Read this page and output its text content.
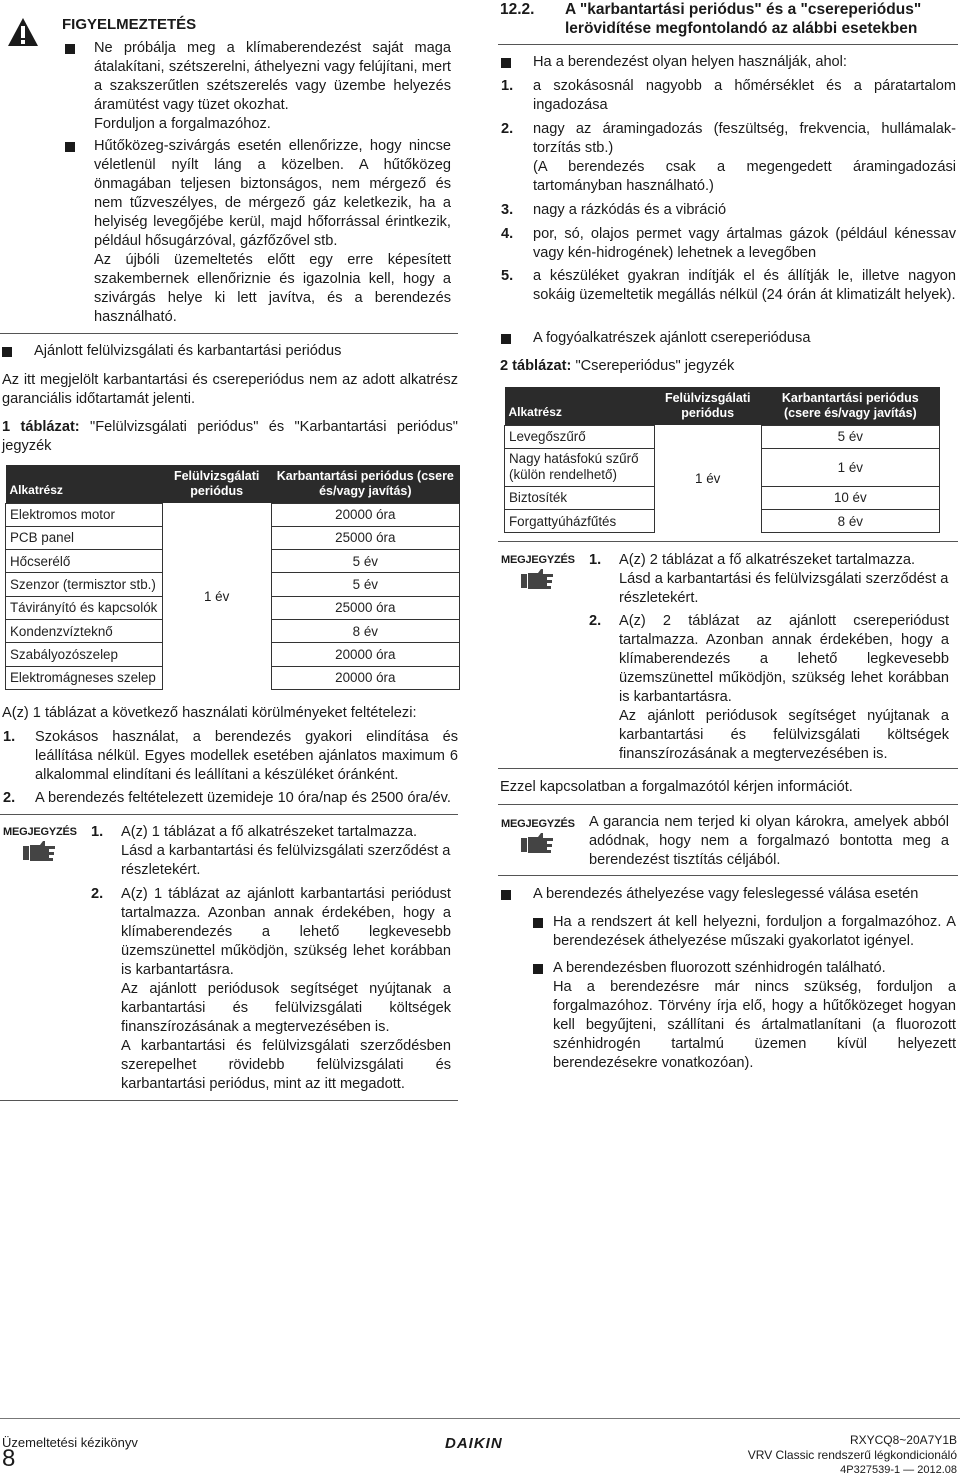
FIGYELMEZTETÉS
Ne próbálja meg a klímaberendezést saját maga átalakítani, szétszerelni, áthelyezni vagy felújítani, mert a szakszerűtlen szétszerelés vagy üzembe helyezés áramütést vagy tüzet okozhat.
Forduljon a forgalmazóhoz.
Hűtőközeg-szivárgás esetén ellenőrizze, hogy nincse véletlenül nyílt láng a közelben. A hűtőközeg önmagában teljesen biztonságos, nem mérgező és nem tűzveszélyes, de mérgező gáz keletkezik, ha a helyiség levegőjébe kerül, majd hőforrással érintkezik, például hősugárzóval, gázfőzővel stb.
Az újbóli üzemeltetés előtt egy erre képesített szakembernek ellenőriznie és igazolnia kell, hogy a szivárgás helye ki lett javítva, és a berendezés használható.
Ajánlott felülvizsgálati és karbantartási periódus
Az itt megjelölt karbantartási és csereperiódus nem az adott alkatrész garanciális időtartamát jelenti.
1 táblázat: "Felülvizsgálati periódus" és "Karbantartási periódus" jegyzék
Alkatrész	Felülvizsgálati periódus	Karbantartási periódus (csere és/vagy javítás)
Elektromos motor	1 év	20000 óra
PCB panel		25000 óra
Hőcserélő		5 év
Szenzor (termisztor stb.)		5 év
Távirányító és kapcsolók		25000 óra
Kondenzvízteknő		8 év
Szabályozószelep		20000 óra
Elektromágneses szelep		20000 óra
A(z) 1 táblázat a következő használati körülményeket feltételezi:
1. Szokásos használat, a berendezés gyakori elindítása és leállítása nélkül. Egyes modellek esetében ajánlatos maximum 6 alkalommal elindítani és leállítani a készüléket óránként.
2. A berendezés feltételezett üzemideje 10 óra/nap és 2500 óra/év.
MEGJEGYZÉS 1. A(z) 1 táblázat a fő alkatrészeket tartalmazza. Lásd a karbantartási és felülvizsgálati szerződést a részletekért.
2. A(z) 1 táblázat az ajánlott karbantartási periódust tartalmazza. Azonban annak érdekében, hogy a klímaberendezés a lehető legkevesebb üzemszünettel működjön, szükség lehet korábban is karbantartásra.
Az ajánlott periódusok segítséget nyújtanak a karbantartási és felülvizsgálati költségek finanszírozásának a megtervezésében is.
A karbantartási és felülvizsgálati szerződésben szerepelhet rövidebb felülvizsgálati és karbantartási periódus, mint az itt megadott.
12.2. A "karbantartási periódus" és a "csereperiódus" lerövidítése megfontolandó az alábbi esetekben
Ha a berendezést olyan helyen használják, ahol:
1. a szokásosnál nagyobb a hőmérséklet és a páratartalom ingadozása
2. nagy az áramingadozás (feszültség, frekvencia, hullámalaktorzítás stb.)
(A berendezés csak a megengedett áramingadozási tartományban használható.)
3. nagy a rázkódás és a vibráció
4. por, só, olajos permet vagy ártalmas gázok (például kénessav vagy kén-hidrogének) lehetnek a levegőben
5. a készüléket gyakran indítják el és állítják le, illetve nagyon sokáig üzemeltetik megállás nélkül (24 órán át klimatizált helyek).
A fogyóalkatrészek ajánlott csereperiódusa
2 táblázat: "Csereperiódus" jegyzék
Alkatrész	Felülvizsgálati periódus	Karbantartási periódus (csere és/vagy javítás)
Levegőszűrő	1 év	5 év
Nagy hatásfokú szűrő (külön rendelhető)		1 év
Biztosíték		10 év
Forgattyúházfűtés		8 év
MEGJEGYZÉS 1. A(z) 2 táblázat a fő alkatrészeket tartalmazza. Lásd a karbantartási és felülvizsgálati szerződést a részletekért.
2. A(z) 2 táblázat az ajánlott csereperiódust tartalmazza. Azonban annak érdekében, hogy a klímaberendezés a lehető legkevesebb üzemszünettel működjön, szükség lehet korábban is karbantartásra.
Az ajánlott periódusok segítséget nyújtanak a karbantartási és felülvizsgálati költségek finanszírozásának a megtervezésében is.
Ezzel kapcsolatban a forgalmazótól kérjen információt.
MEGJEGYZÉS A garancia nem terjed ki olyan károkra, amelyek abból adódnak, hogy nem a forgalmazó bontotta meg a berendezést tisztítás céljából.
A berendezés áthelyezése vagy feleslegessé válása esetén
Ha a rendszert át kell helyezni, forduljon a forgalmazóhoz. A berendezések áthelyezése műszaki gyakorlatot igényel.
A berendezésben fluorozott szénhidrogén található.
Ha a berendezésre már nincs szükség, forduljon a forgalmazóhoz. Törvény írja elő, hogy a hűtőközeget hogyan kell begyűjteni, szállítani és ártalmatlanítani (a fluorozott szénhidrogén tartalmú üzemen kívül helyezett berendezésekre vonatkozóan).
Üzemeltetési kézikönyv
8
DAIKIN	RXYCQ8~20A7Y1B
VRV Classic rendszerű légkondicionáló
4P327539-1 — 2012.08
